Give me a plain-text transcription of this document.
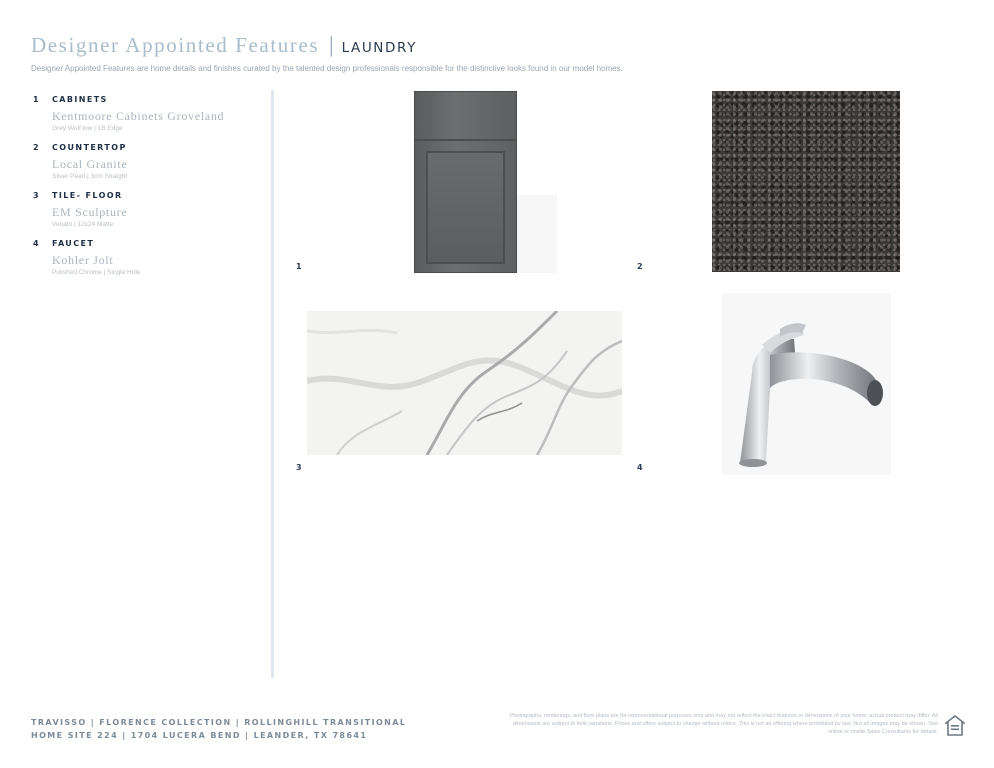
Designer Appointed Features | LAUNDRY
Designer Appointed Features are home details and finishes curated by the talented design professionals responsible for the distinctive looks found in our model homes.
1	CABINETS
Kentmoore Cabinets Groveland
Grey Wolf low | 1B Edge
2	COUNTERTOP
Local Granite
Silver Pearl | 3cm Straight
3	TILE- FLOOR
EM Sculpture
Venato | 12x24 Matte
4	FAUCET
Kohler Jolt
Polished Chrome | Single Hole
1	2
3	4
TRAVISSO | FLORENCE COLLECTION | ROLLINGHILL TRANSITIONAL
HOME SITE 224 | 1704 LUCERA BEND | LEANDER, TX 78641
Photographs, renderings, and floor plans are for representational purposes only and may not reflect the exact features or dimensions of your home; actual product may differ. All dimensions are subject to field variations. Prices and offers subject to change without notice. This is not an offering where prohibited by law. Not all images may be shown. See online or onsite Sales Consultants for details.
